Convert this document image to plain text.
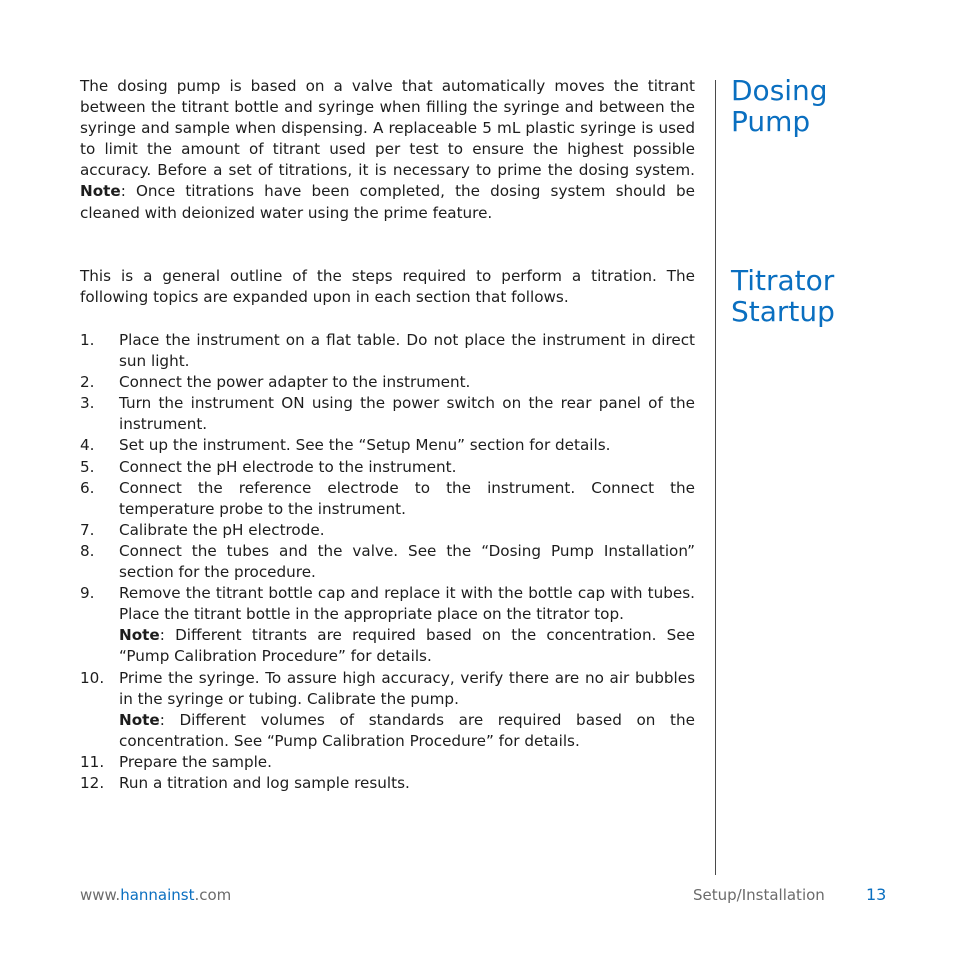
The dosing pump is based on a valve that automatically moves the titrant between the titrant bottle and syringe when filling the syringe and between the syringe and sample when dispensing. A replaceable 5 mL plastic syringe is used to limit the amount of titrant used per test to ensure the highest possible accuracy. Before a set of titrations, it is necessary to prime the dosing system. Note: Once titrations have been completed, the dosing system should be cleaned with deionized water using the prime feature.
This is a general outline of the steps required to perform a titration. The following topics are expanded upon in each section that follows.
1. Place the instrument on a flat table. Do not place the instrument in direct sun light.
2. Connect the power adapter to the instrument.
3. Turn the instrument ON using the power switch on the rear panel of the instrument.
4. Set up the instrument. See the “Setup Menu” section for details.
5. Connect the pH electrode to the instrument.
6. Connect the reference electrode to the instrument. Connect the temperature probe to the instrument.
7. Calibrate the pH electrode.
8. Connect the tubes and the valve. See the “Dosing Pump Installation” section for the procedure.
9. Remove the titrant bottle cap and replace it with the bottle cap with tubes. Place the titrant bottle in the appropriate place on the titrator top.
Note: Different titrants are required based on the concentration. See “Pump Calibration Procedure” for details.
10. Prime the syringe. To assure high accuracy, verify there are no air bubbles in the syringe or tubing. Calibrate the pump.
Note: Different volumes of standards are required based on the concentration. See “Pump Calibration Procedure” for details.
11. Prepare the sample.
12. Run a titration and log sample results.
Dosing Pump
Titrator Startup
www.hannainst.com	Setup/Installation	13
